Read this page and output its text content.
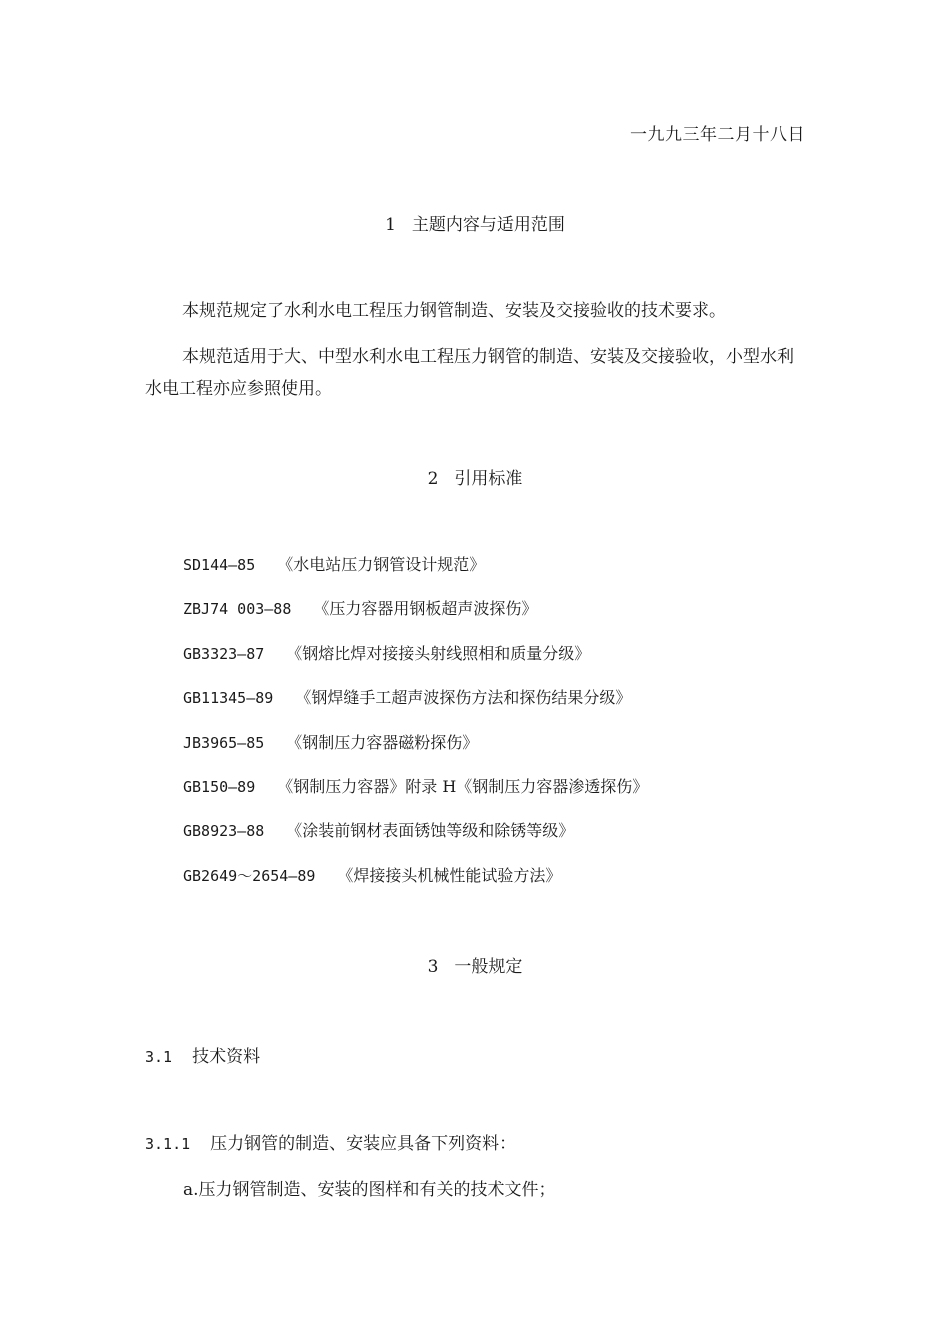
一九九三年二月十八日
1 主题内容与适用范围

本规范规定了水利水电工程压力钢管制造、安装及交接验收的技术要求。

本规范适用于大、中型水利水电工程压力钢管的制造、安装及交接验收，小型水利水电工程亦应参照使用。

2 引用标准
SD144—85 《水电站压力钢管设计规范》
ZBJ74 003—88 《压力容器用钢板超声波探伤》
GB3323—87 《钢熔比焊对接接头射线照相和质量分级》
GB11345—89 《钢焊缝手工超声波探伤方法和探伤结果分级》
JB3965—85 《钢制压力容器磁粉探伤》
GB150—89 《钢制压力容器》附录 H《钢制压力容器渗透探伤》
GB8923—88 《涂装前钢材表面锈蚀等级和除锈等级》
GB2649～2654—89 《焊接接头机械性能试验方法》
3 一般规定
3.1 技术资料
3.1.1 压力钢管的制造、安装应具备下列资料：
a.压力钢管制造、安装的图样和有关的技术文件；
